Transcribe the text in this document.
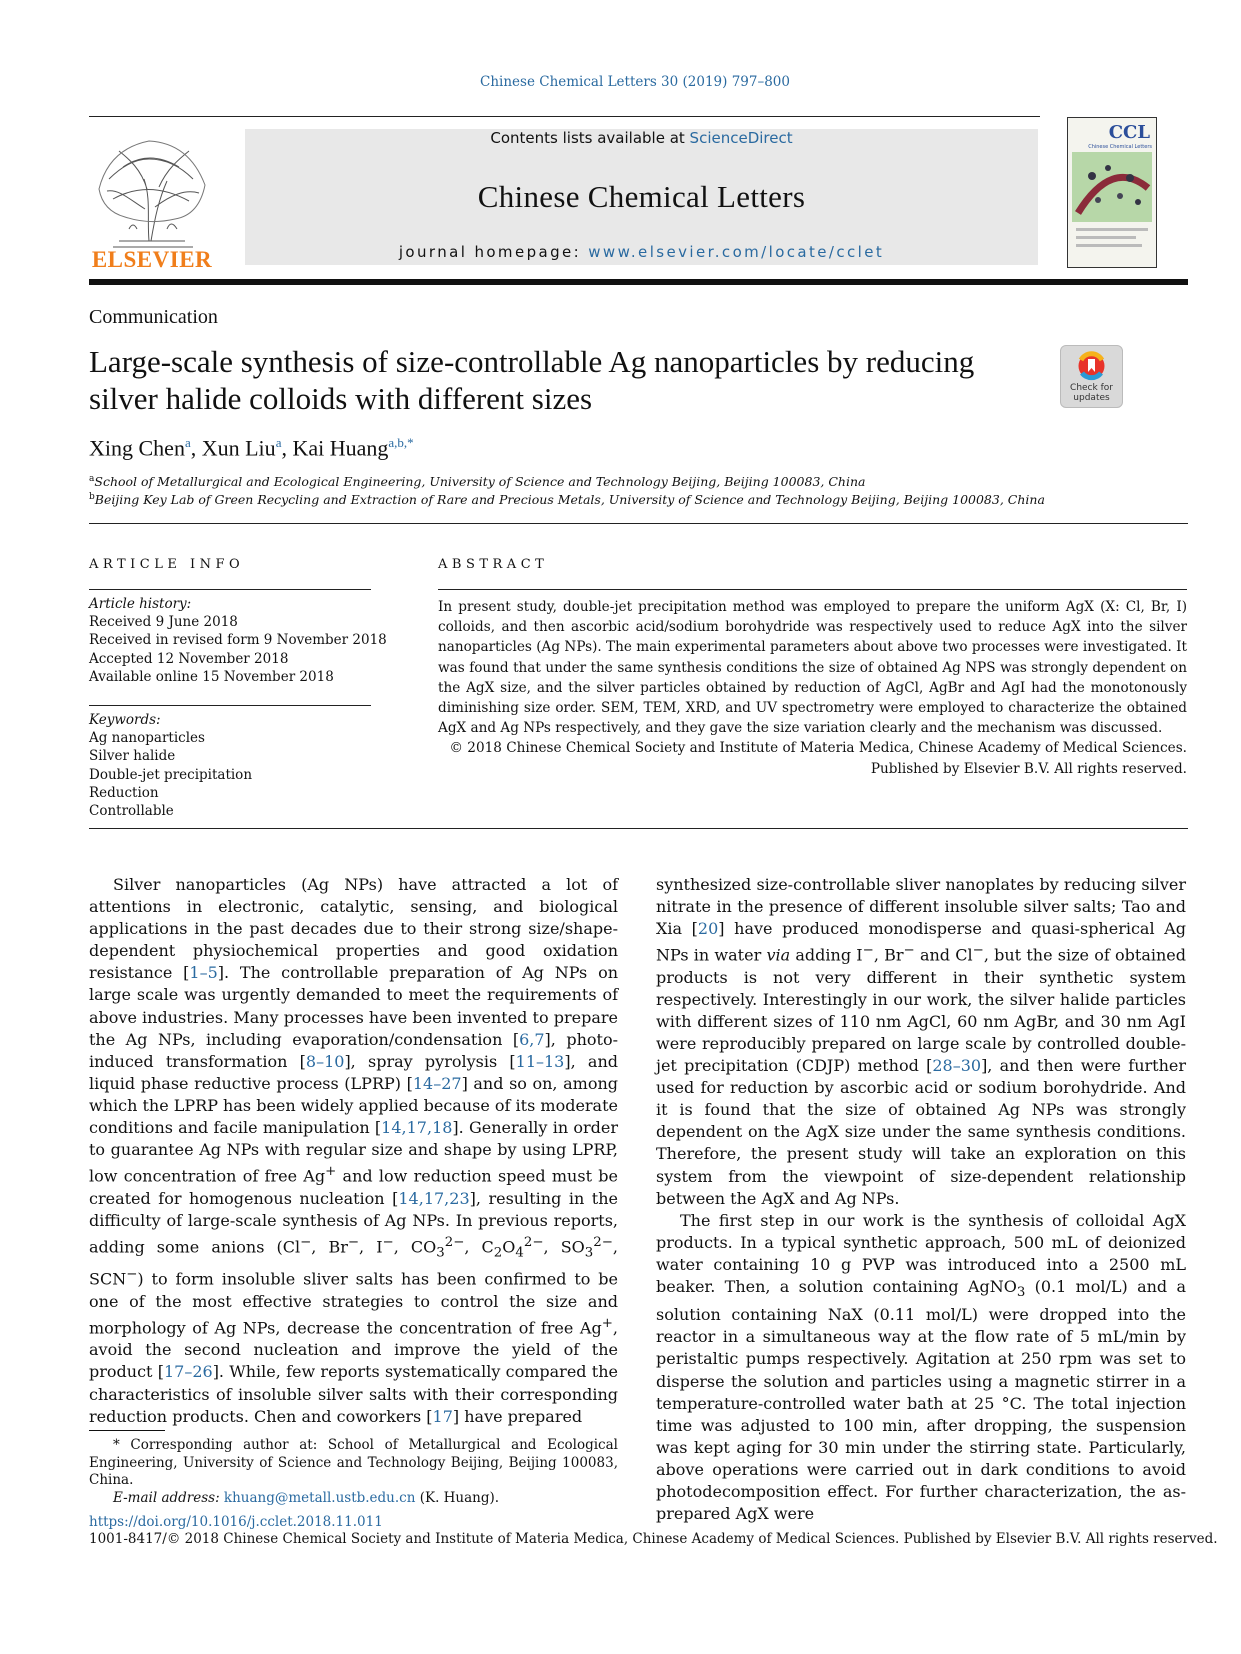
Chinese Chemical Letters 30 (2019) 797–800
ELSEVIER
Contents lists available at ScienceDirect
Chinese Chemical Letters
journal homepage: www.elsevier.com/locate/cclet
CCL
Chinese Chemical Letters
Communication
Large-scale synthesis of size-controllable Ag nanoparticles by reducing
silver halide colloids with different sizes	Check for
updates
Xing Chen$^a$, Xun Liu$^a$, Kai Huang$^{a,b,*}$
$^a$School of Metallurgical and Ecological Engineering, University of Science and Technology Beijing, Beijing 100083, China
$^b$Beijing Key Lab of Green Recycling and Extraction of Rare and Precious Metals, University of Science and Technology Beijing, Beijing 100083, China
ARTICLE INFO	ABSTRACT
Article history:
Received 9 June 2018
Received in revised form 9 November 2018
Accepted 12 November 2018
Available online 15 November 2018
Keywords:
Ag nanoparticles
Silver halide
Double-jet precipitation
Reduction
Controllable
In present study, double-jet precipitation method was employed to prepare the uniform AgX (X: Cl, Br, I) colloids, and then ascorbic acid/sodium borohydride was respectively used to reduce AgX into the silver nanoparticles (Ag NPs). The main experimental parameters about above two processes were investigated. It was found that under the same synthesis conditions the size of obtained Ag NPS was strongly dependent on the AgX size, and the silver particles obtained by reduction of AgCl, AgBr and AgI had the monotonously diminishing size order. SEM, TEM, XRD, and UV spectrometry were employed to characterize the obtained AgX and Ag NPs respectively, and they gave the size variation clearly and the mechanism was discussed.
© 2018 Chinese Chemical Society and Institute of Materia Medica, Chinese Academy of Medical Sciences.
Published by Elsevier B.V. All rights reserved.

Silver nanoparticles (Ag NPs) have attracted a lot of attentions in electronic, catalytic, sensing, and biological applications in the past decades due to their strong size/shape-dependent physiochemical properties and good oxidation resistance [1–5]. The controllable preparation of Ag NPs on large scale was urgently demanded to meet the requirements of above industries. Many processes have been invented to prepare the Ag NPs, including evaporation/condensation [6,7], photo-induced transformation [8–10], spray pyrolysis [11–13], and liquid phase reductive process (LPRP) [14–27] and so on, among which the LPRP has been widely applied because of its moderate conditions and facile manipulation [14,17,18]. Generally in order to guarantee Ag NPs with regular size and shape by using LPRP, low concentration of free Ag+ and low reduction speed must be created for homogenous nucleation [14,17,23], resulting in the difficulty of large-scale synthesis of Ag NPs. In previous reports, adding some anions (Cl−, Br−, I−, $CO_3^{2-}$, $C_2O_4^{2-}$, $SO_3^{2-}$, SCN−) to form insoluble sliver salts has been confirmed to be one of the most effective strategies to control the size and morphology of Ag NPs, decrease the concentration of free Ag+, avoid the second nucleation and improve the yield of the product [17–26]. While, few reports systematically compared the characteristics of insoluble silver salts with their corresponding reduction products. Chen and coworkers [17] have prepared

synthesized size-controllable sliver nanoplates by reducing silver nitrate in the presence of different insoluble silver salts; Tao and Xia [20] have produced monodisperse and quasi-spherical Ag NPs in water via adding I−, Br− and Cl−, but the size of obtained products is not very different in their synthetic system respectively. Interestingly in our work, the silver halide particles with different sizes of 110 nm AgCl, 60 nm AgBr, and 30 nm AgI were reproducibly prepared on large scale by controlled double-jet precipitation (CDJP) method [28–30], and then were further used for reduction by ascorbic acid or sodium borohydride. And it is found that the size of obtained Ag NPs was strongly dependent on the AgX size under the same synthesis conditions. Therefore, the present study will take an exploration on this system from the viewpoint of size-dependent relationship between the AgX and Ag NPs.

The first step in our work is the synthesis of colloidal AgX products. In a typical synthetic approach, 500 mL of deionized water containing 10 g PVP was introduced into a 2500 mL beaker. Then, a solution containing AgNO$_3$ (0.1 mol/L) and a solution containing NaX (0.11 mol/L) were dropped into the reactor in a simultaneous way at the flow rate of 5 mL/min by peristaltic pumps respectively. Agitation at 250 rpm was set to disperse the solution and particles using a magnetic stirrer in a temperature-controlled water bath at 25 °C. The total injection time was adjusted to 100 min, after dropping, the suspension was kept aging for 30 min under the stirring state. Particularly, above operations were carried out in dark conditions to avoid photodecomposition effect. For further characterization, the as-prepared AgX were

* Corresponding author at: School of Metallurgical and Ecological Engineering, University of Science and Technology Beijing, Beijing 100083, China.
E-mail address: khuang@metall.ustb.edu.cn (K. Huang).
https://doi.org/10.1016/j.cclet.2018.11.011
1001-8417/© 2018 Chinese Chemical Society and Institute of Materia Medica, Chinese Academy of Medical Sciences. Published by Elsevier B.V. All rights reserved.
